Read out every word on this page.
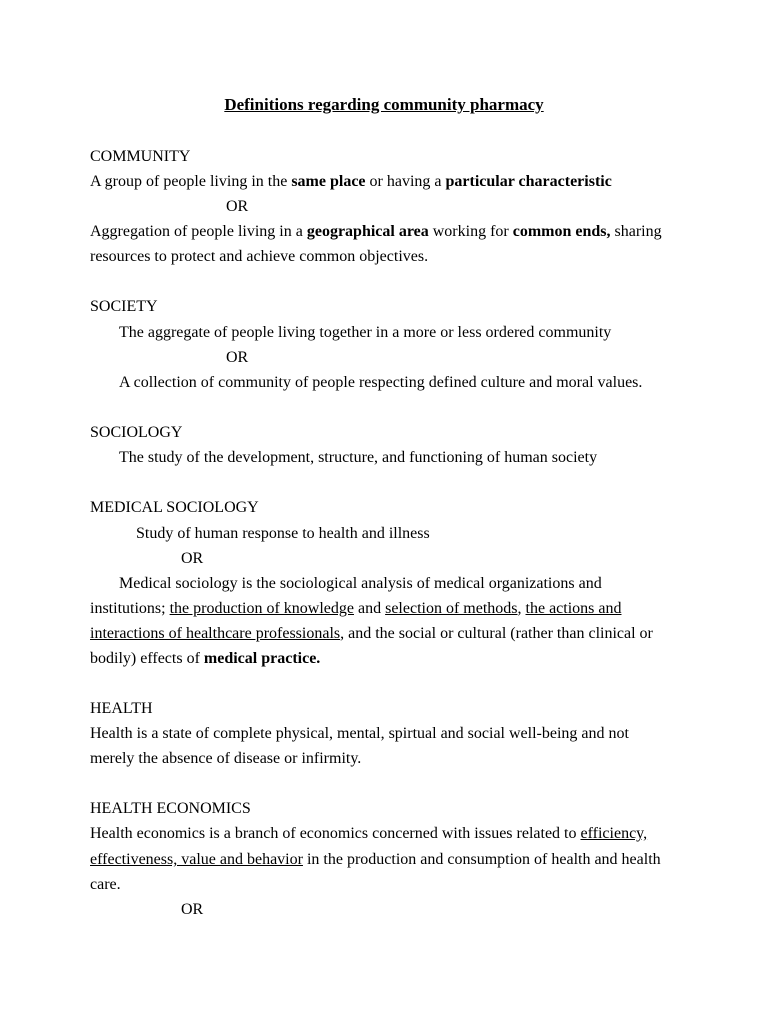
Definitions regarding community pharmacy
COMMUNITY
A group of people living in the same place or having a particular characteristic
OR
Aggregation of people living in a geographical area working for common ends, sharing
resources to protect and achieve common objectives.
SOCIETY
The aggregate of people living together in a more or less ordered community
OR
A collection of community of people respecting defined culture and moral values.
SOCIOLOGY
The study of the development, structure, and functioning of human society
MEDICAL SOCIOLOGY
Study of human response to health and illness
OR
Medical sociology is the sociological analysis of medical organizations and
institutions; the production of knowledge and selection of methods, the actions and
interactions of healthcare professionals, and the social or cultural (rather than clinical or
bodily) effects of medical practice.
HEALTH
Health is a state of complete physical, mental, spirtual and social well-being and not
merely the absence of disease or infirmity.
HEALTH ECONOMICS
Health economics is a branch of economics concerned with issues related to efficiency,
effectiveness, value and behavior in the production and consumption of health and health
care.
OR
